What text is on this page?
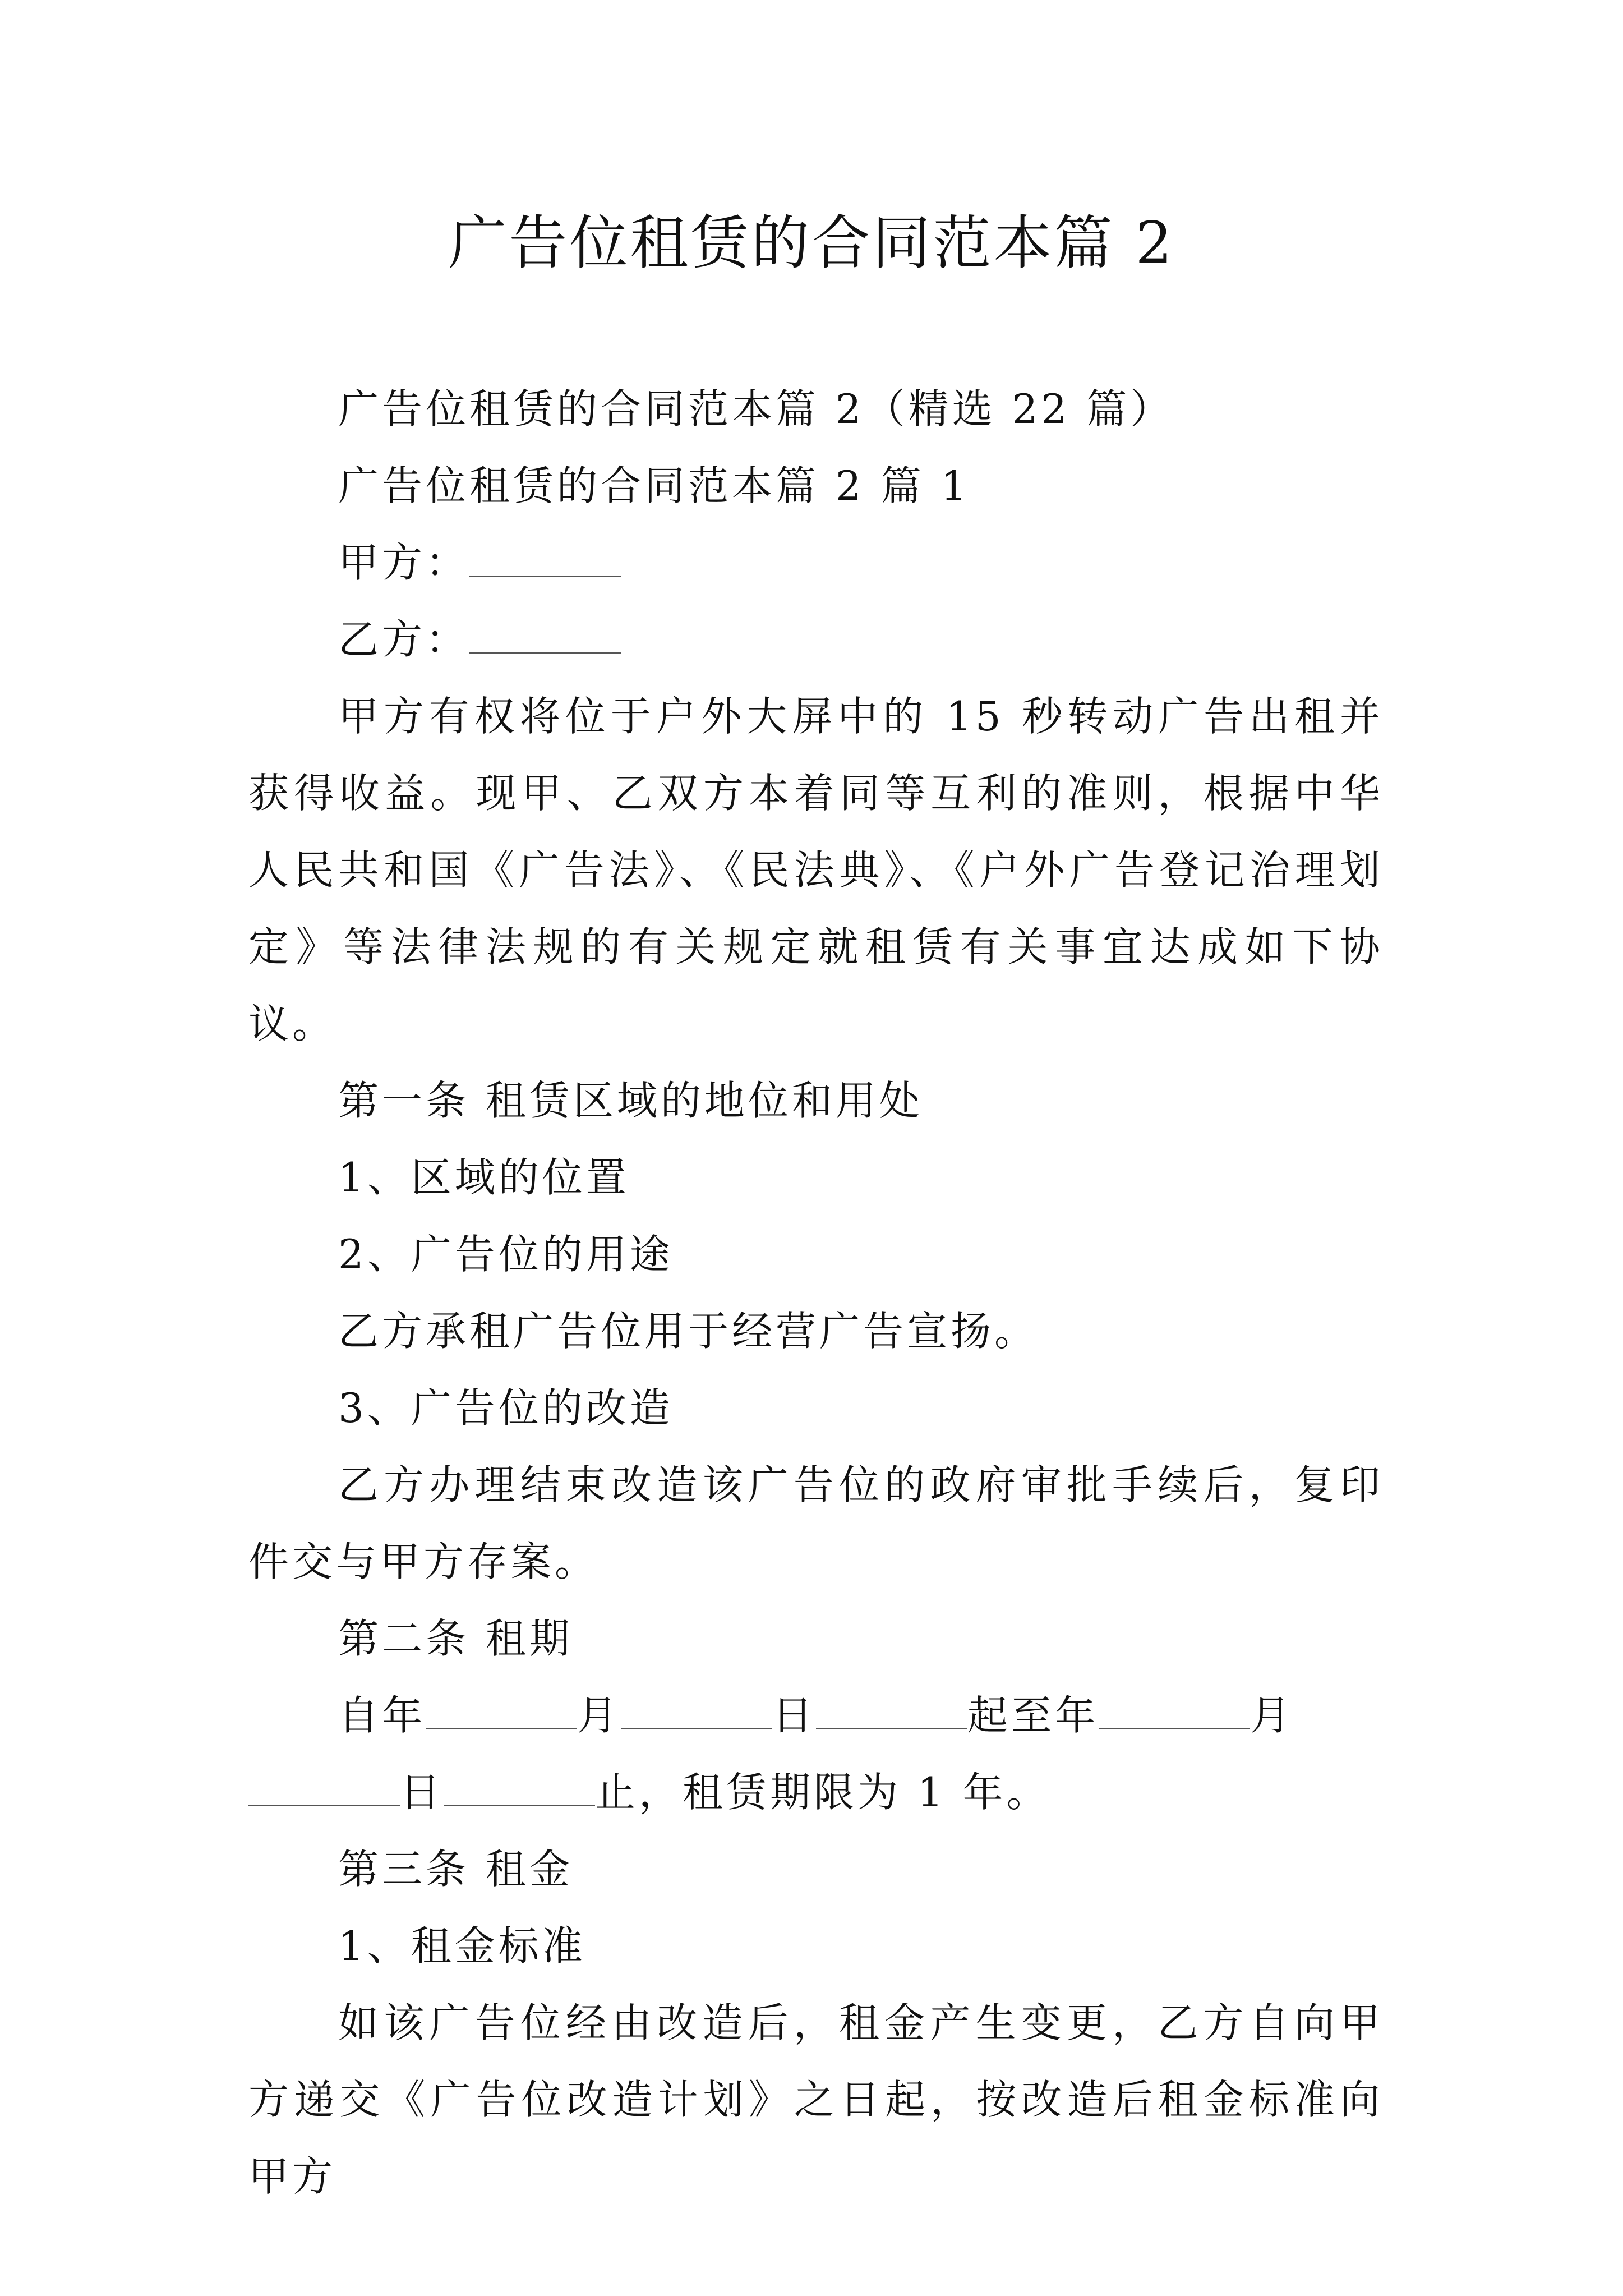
广告位租赁的合同范本篇 2

广告位租赁的合同范本篇 2（精选 22 篇）

广告位租赁的合同范本篇 2 篇 1

甲方：

乙方：

甲方有权将位于户外大屏中的 15 秒转动广告出租并获得收益。现甲、乙双方本着同等互利的准则，根据中华人民共和国《广告法》、《民法典》、《户外广告登记治理划定》等法律法规的有关规定就租赁有关事宜达成如下协议。

第一条 租赁区域的地位和用处

1、区域的位置

2、广告位的用途

乙方承租广告位用于经营广告宣扬。

3、广告位的改造

乙方办理结束改造该广告位的政府审批手续后，复印件交与甲方存案。

第二条 租期

自年	月	日	起至年	月

日	止，租赁期限为 1 年。

第三条 租金

1、租金标准

如该广告位经由改造后，租金产生变更，乙方自向甲方递交《广告位改造计划》之日起，按改造后租金标准向甲方
